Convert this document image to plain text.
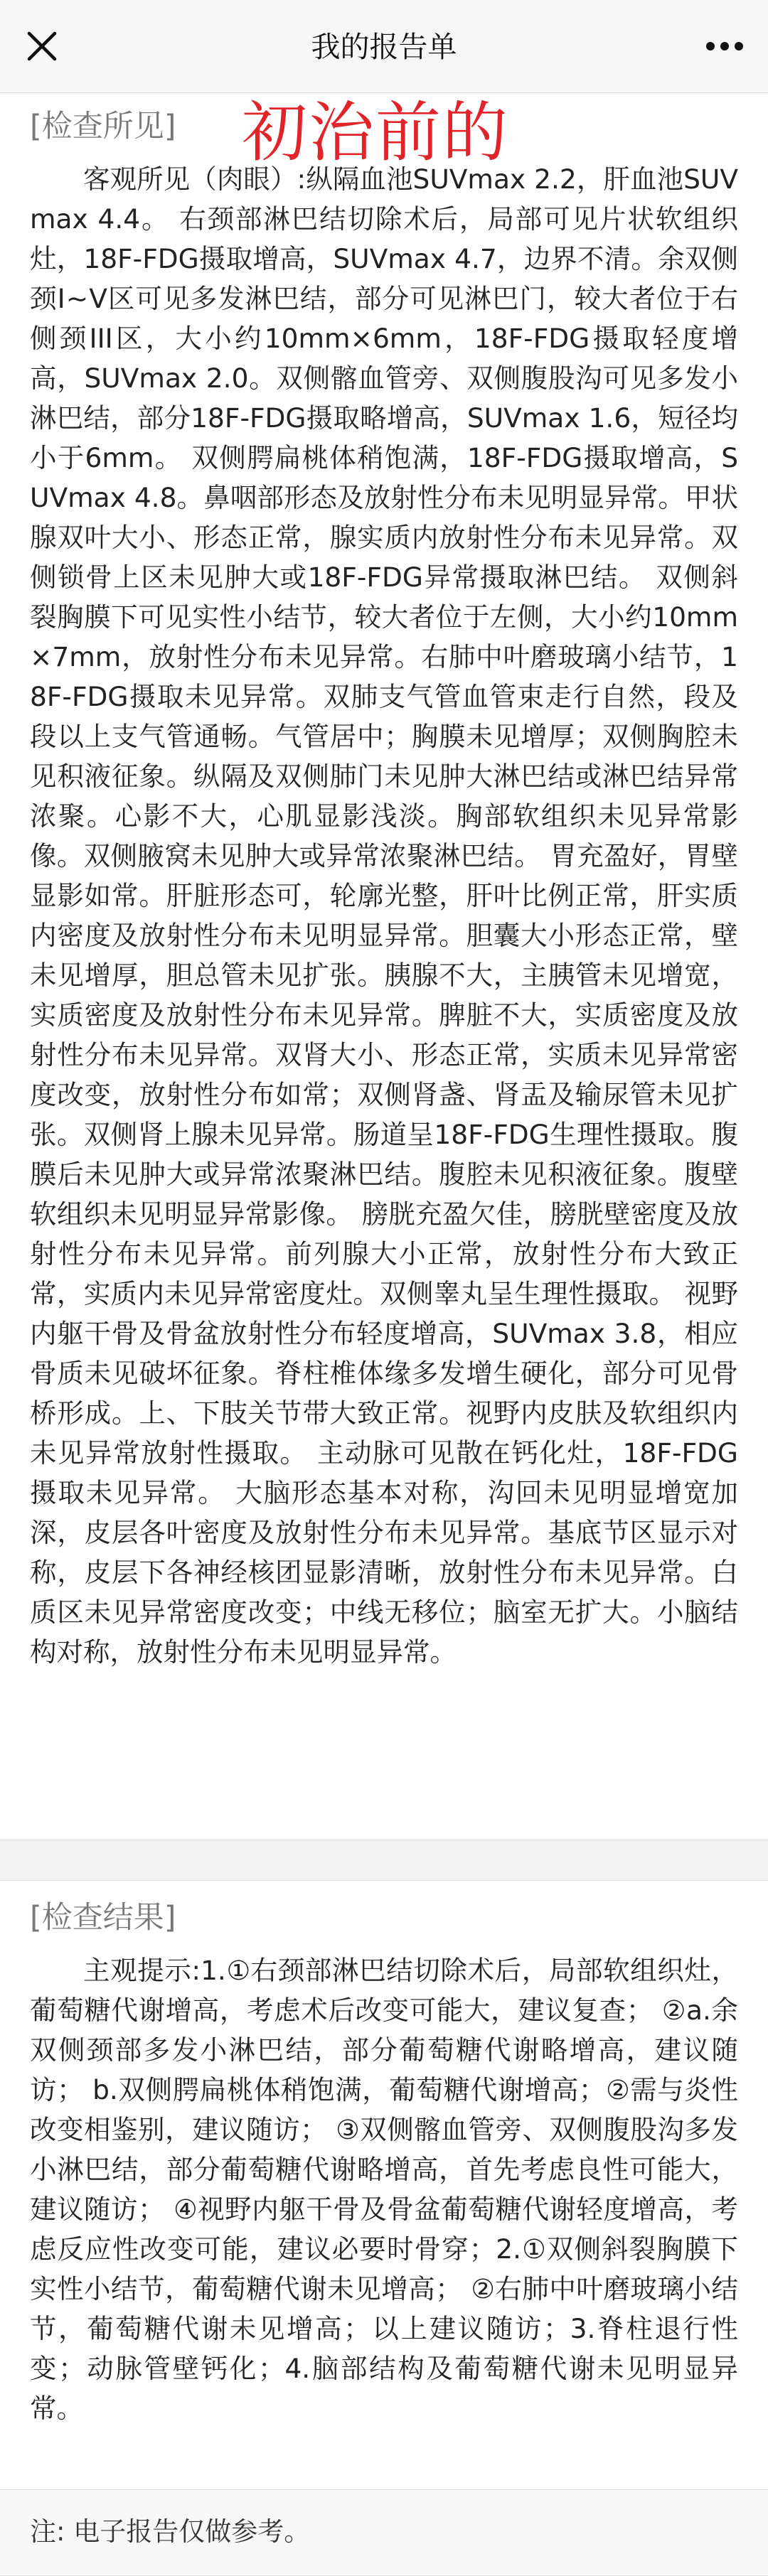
我的报告单
初治前的
[检查所见]
客观所见（肉眼）:纵隔血池SUVmax 2.2，肝血池SUVmax 4.4。 右颈部淋巴结切除术后，局部可见片状软组织灶，18F-FDG摄取增高，SUVmax 4.7，边界不清。余双侧颈Ⅰ~Ⅴ区可见多发淋巴结，部分可见淋巴门，较大者位于右侧颈III区，大小约10mm×6mm，18F-FDG摄取轻度增高，SUVmax 2.0。双侧髂血管旁、双侧腹股沟可见多发小淋巴结，部分18F-FDG摄取略增高，SUVmax 1.6，短径均小于6mm。 双侧腭扁桃体稍饱满，18F-FDG摄取增高，SUVmax 4.8。鼻咽部形态及放射性分布未见明显异常。甲状腺双叶大小、形态正常，腺实质内放射性分布未见异常。双侧锁骨上区未见肿大或18F-FDG异常摄取淋巴结。 双侧斜裂胸膜下可见实性小结节，较大者位于左侧，大小约10mm×7mm，放射性分布未见异常。右肺中叶磨玻璃小结节，18F-FDG摄取未见异常。双肺支气管血管束走行自然，段及段以上支气管通畅。气管居中；胸膜未见增厚；双侧胸腔未见积液征象。纵隔及双侧肺门未见肿大淋巴结或淋巴结异常浓聚。心影不大，心肌显影浅淡。胸部软组织未见异常影像。双侧腋窝未见肿大或异常浓聚淋巴结。 胃充盈好，胃壁显影如常。肝脏形态可，轮廓光整，肝叶比例正常，肝实质内密度及放射性分布未见明显异常。胆囊大小形态正常，壁未见增厚，胆总管未见扩张。胰腺不大，主胰管未见增宽，实质密度及放射性分布未见异常。脾脏不大，实质密度及放射性分布未见异常。双肾大小、形态正常，实质未见异常密度改变，放射性分布如常；双侧肾盏、肾盂及输尿管未见扩张。双侧肾上腺未见异常。肠道呈18F-FDG生理性摄取。腹膜后未见肿大或异常浓聚淋巴结。腹腔未见积液征象。腹壁软组织未见明显异常影像。 膀胱充盈欠佳，膀胱壁密度及放射性分布未见异常。前列腺大小正常，放射性分布大致正常，实质内未见异常密度灶。双侧睾丸呈生理性摄取。 视野内躯干骨及骨盆放射性分布轻度增高，SUVmax 3.8，相应骨质未见破坏征象。脊柱椎体缘多发增生硬化，部分可见骨桥形成。上、下肢关节带大致正常。视野内皮肤及软组织内未见异常放射性摄取。 主动脉可见散在钙化灶，18F-FDG摄取未见异常。 大脑形态基本对称，沟回未见明显增宽加深，皮层各叶密度及放射性分布未见异常。基底节区显示对称，皮层下各神经核团显影清晰，放射性分布未见异常。白质区未见异常密度改变；中线无移位；脑室无扩大。小脑结构对称，放射性分布未见明显异常。
[检查结果]
主观提示:1.①右颈部淋巴结切除术后，局部软组织灶，葡萄糖代谢增高，考虑术后改变可能大，建议复查； ②a.余双侧颈部多发小淋巴结，部分葡萄糖代谢略增高，建议随访； b.双侧腭扁桃体稍饱满，葡萄糖代谢增高；②需与炎性改变相鉴别，建议随访； ③双侧髂血管旁、双侧腹股沟多发小淋巴结，部分葡萄糖代谢略增高，首先考虑良性可能大，建议随访； ④视野内躯干骨及骨盆葡萄糖代谢轻度增高，考虑反应性改变可能，建议必要时骨穿；2.①双侧斜裂胸膜下实性小结节，葡萄糖代谢未见增高； ②右肺中叶磨玻璃小结节，葡萄糖代谢未见增高；以上建议随访；3.脊柱退行性变；动脉管壁钙化；4.脑部结构及葡萄糖代谢未见明显异常。
注: 电子报告仅做参考。
